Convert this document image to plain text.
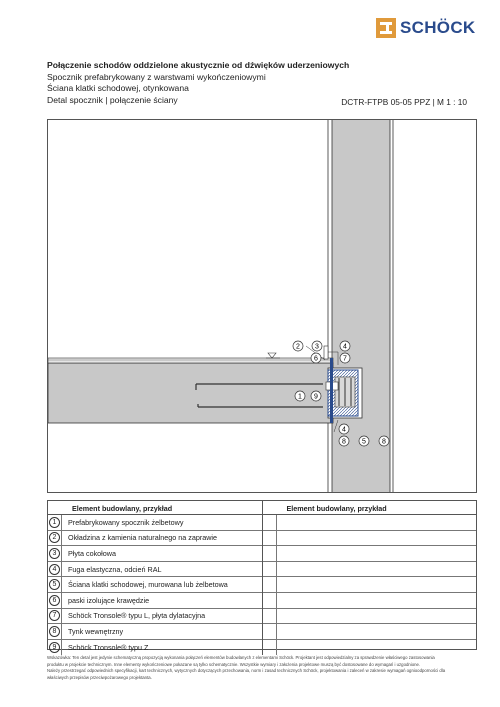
SCHÖCK
Połączenie schodów oddzielone akustycznie od dźwięków uderzeniowych
Spocznik prefabrykowany z warstwami wykończeniowymi
Ściana klatki schodowej, otynkowana
Detal spocznik | połączenie ściany	DCTR-FTPB 05-05 PPZ | M 1 : 10
2 3	4
6	7
1 9
4
8 5 8
Element budowlany, przykład	Element budowlany, przykład
1	Prefabrykowany spocznik żelbetowy
2	Okładzina z kamienia naturalnego na zaprawie
3	Płyta cokołowa
4	Fuga elastyczna, odcień RAL
5	Ściana klatki schodowej, murowana lub żelbetowa
6	paski izolujące krawędzie
7	Schöck Tronsole® typu L, płyta dylatacyjna
8	Tynk wewnętrzny
9	Schöck Tronsole® typu Z
Wskazówka: Ten detal jest jedynie schematyczną propozycją wykonania połączeń elementów budowlanych z elementami Schöck. Projektant jest odpowiedzialny za sprawdzenie właściwego zastosowania
produktu w projekcie technicznym. Inne elementy wykończeniowe pokazane są tylko schematycznie. Wszystkie wymiary i założenia projektowe muszą być dostosowane do wymagań i uzgodnione.
Należy przestrzegać odpowiednich specyfikacji, kart technicznych, wytycznych dotyczących przechowania, norm i zasad technicznych Schöck, projektowania i zaleceń w zakresie wymagań ognioodporności dla
właściwych przepisów przeciwpożarowego projektanta.
